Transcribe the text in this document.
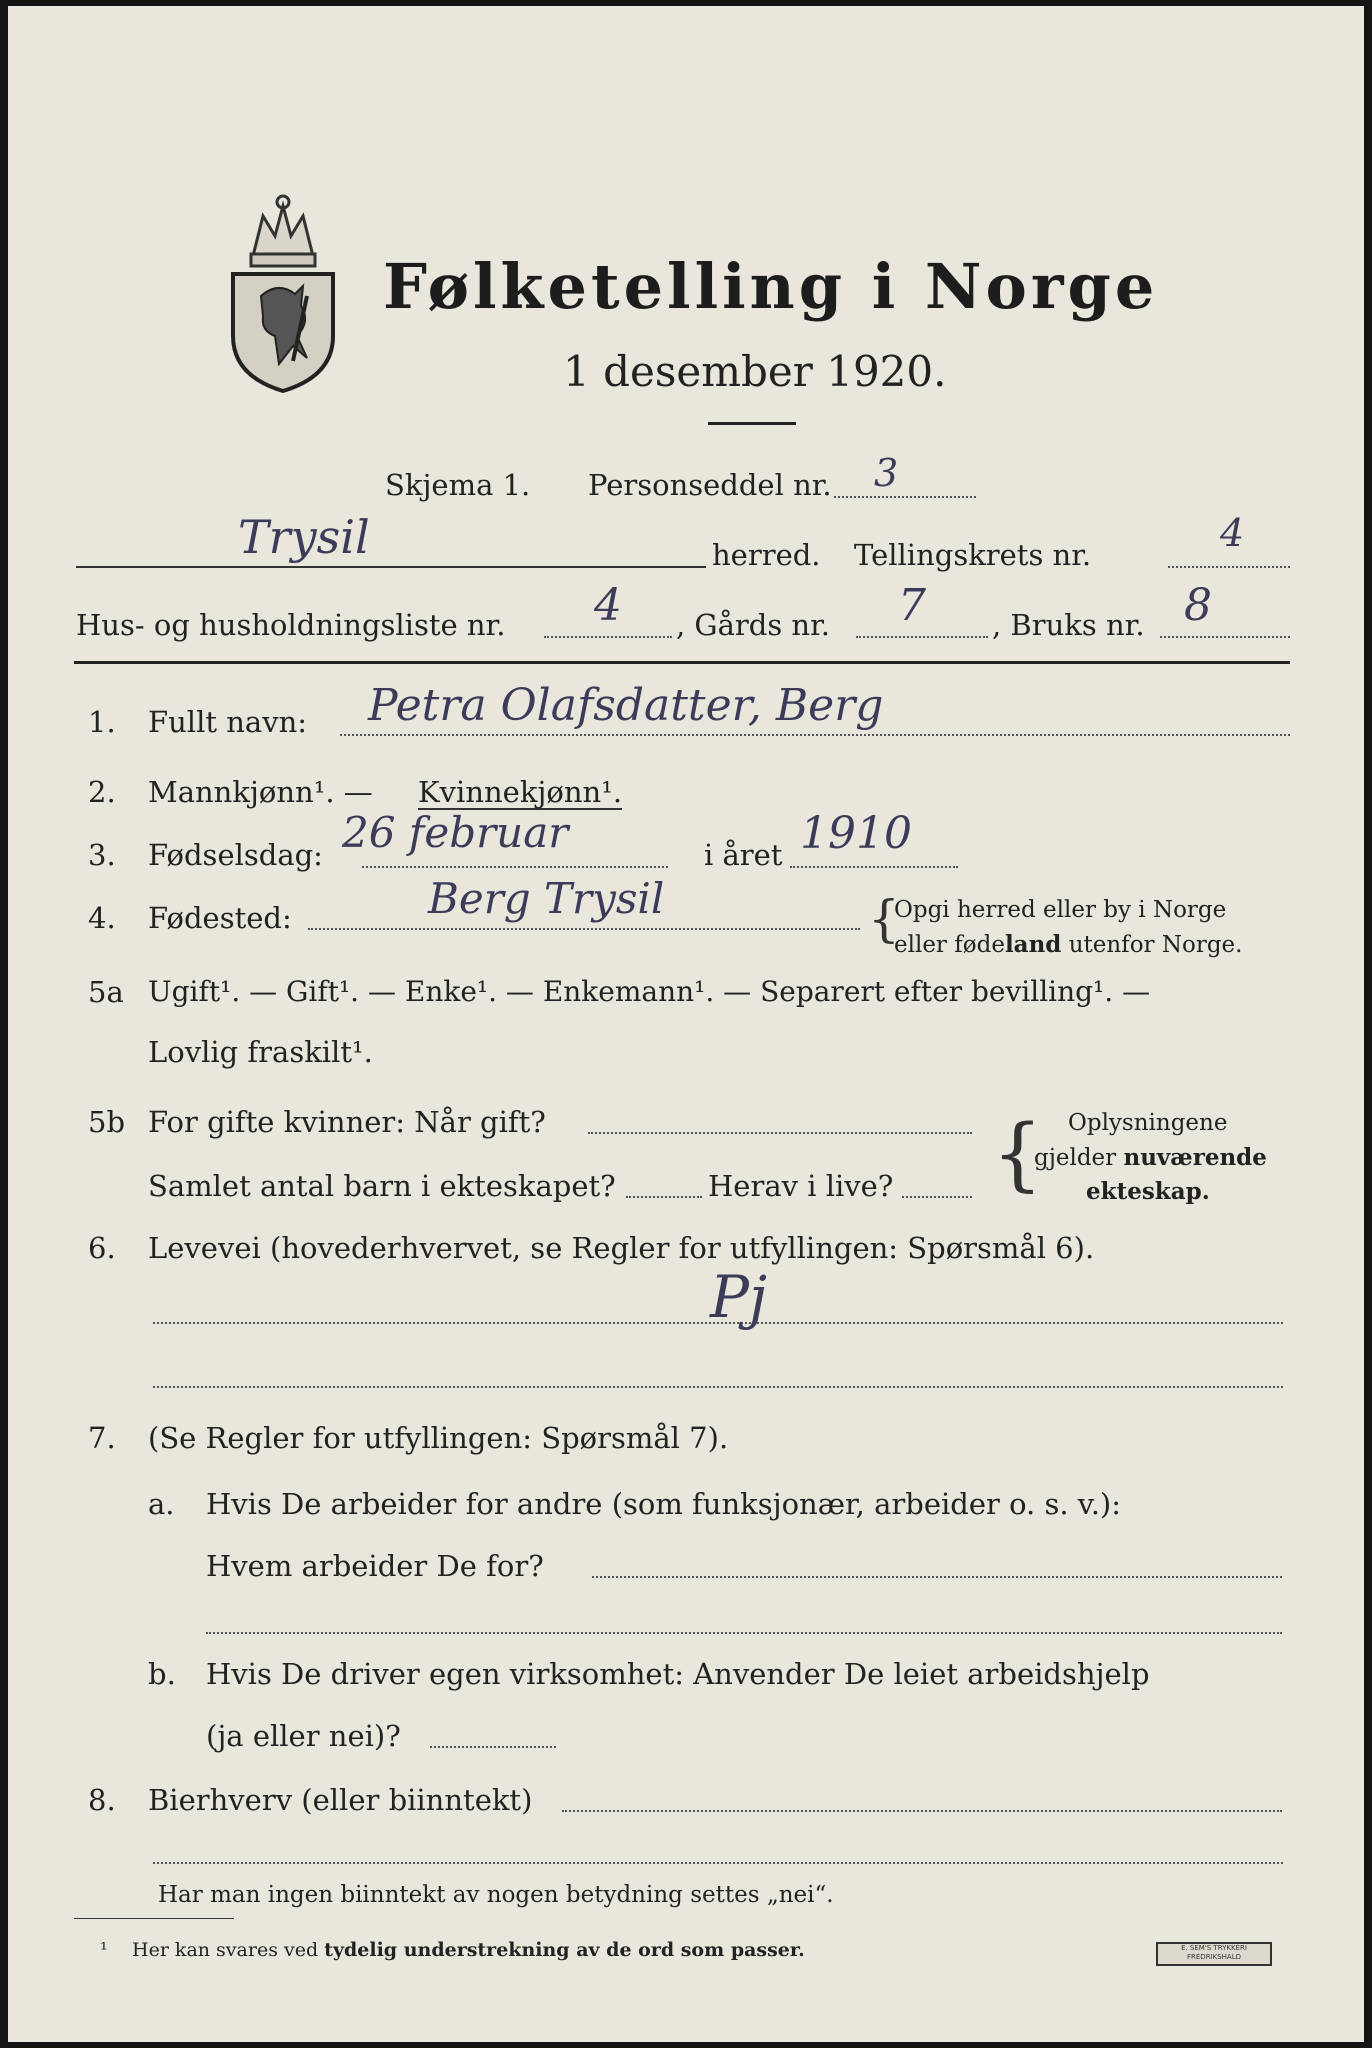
Følketelling i Norge
1 desember 1920.
Skjema 1. Personseddel nr. 3
Trysil	herred. Tellingskrets nr.	4
Hus- og husholdningsliste nr. 4 , Gårds nr. 7 , Bruks nr. 8
1. Fullt navn: Petra Olafsdatter, Berg
2. Mannkjønn¹. — Kvinnekjønn¹.
3. Fødselsdag: 26 februar	i året 1910
4. Fødested:	Berg Trysil	{
Opgi herred eller by i Norge
eller fødeland utenfor Norge.
5a Ugift¹. — Gift¹. — Enke¹. — Enkemann¹. — Separert efter bevilling¹. —
Lovlig fraskilt¹.
5b For gifte kvinner: Når gift?
Samlet antal barn i ekteskapet?	Herav i live? { Oplysningene
gjelder nuværende
ekteskap.
6. Levevei (hovederhvervet, se Regler for utfyllingen: Spørsmål 6).
Pj
7. (Se Regler for utfyllingen: Spørsmål 7).
a. Hvis De arbeider for andre (som funksjonær, arbeider o. s. v.):
Hvem arbeider De for?
b. Hvis De driver egen virksomhet: Anvender De leiet arbeidshjelp
(ja eller nei)?
8. Bierhverv (eller biinntekt)
Har man ingen biinntekt av nogen betydning settes „nei“.
¹ Her kan svares ved tydelig understrekning av de ord som passer.	E. SEM'S TRYKKERI
FREDRIKSHALD
